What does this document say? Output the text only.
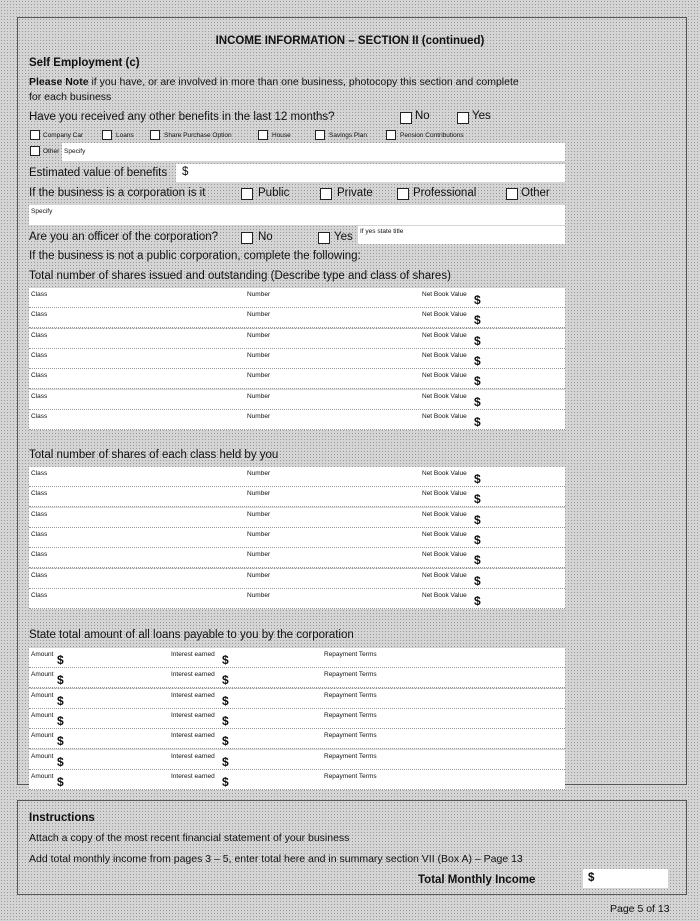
INCOME INFORMATION – SECTION II (continued)
Self Employment (c)
Please Note if you have, or are involved in more than one business, photocopy this section and complete
for each business
Have you received any other benefits in the last 12 months?	No	Yes
Company Car	Loans	Share Purchase Option	House	Savings Plan	Pension Contributions
Other Specify
Estimated value of benefits $
If the business is a corporation is it	Public	Private	Professional	Other
Specify
Are you an officer of the corporation?	No	Yes If yes state title
If the business is not a public corporation, complete the following:
Total number of shares issued and outstanding (Describe type and class of shares)
Class	Number	Net Book Value $
Class	Number	Net Book Value $
Class	Number	Net Book Value $
Class	Number	Net Book Value $
Class	Number	Net Book Value $
Class	Number	Net Book Value $
Class	Number	Net Book Value $
Total number of shares of each class held by you
Class	Number	Net Book Value $
Class	Number	Net Book Value $
Class	Number	Net Book Value $
Class	Number	Net Book Value $
Class	Number	Net Book Value $
Class	Number	Net Book Value $
Class	Number	Net Book Value $
State total amount of all loans payable to you by the corporation
Amount $	Interest earned $	Repayment Terms
Amount $	Interest earned $	Repayment Terms
Amount $	Interest earned $	Repayment Terms
Amount $	Interest earned $	Repayment Terms
Amount $	Interest earned $	Repayment Terms
Amount $	Interest earned $	Repayment Terms
Amount $	Interest earned $	Repayment Terms
Instructions
Attach a copy of the most recent financial statement of your business
Add total monthly income from pages 3 – 5, enter total here and in summary section VII (Box A) – Page 13
Total Monthly Income	$
Page 5 of 13
